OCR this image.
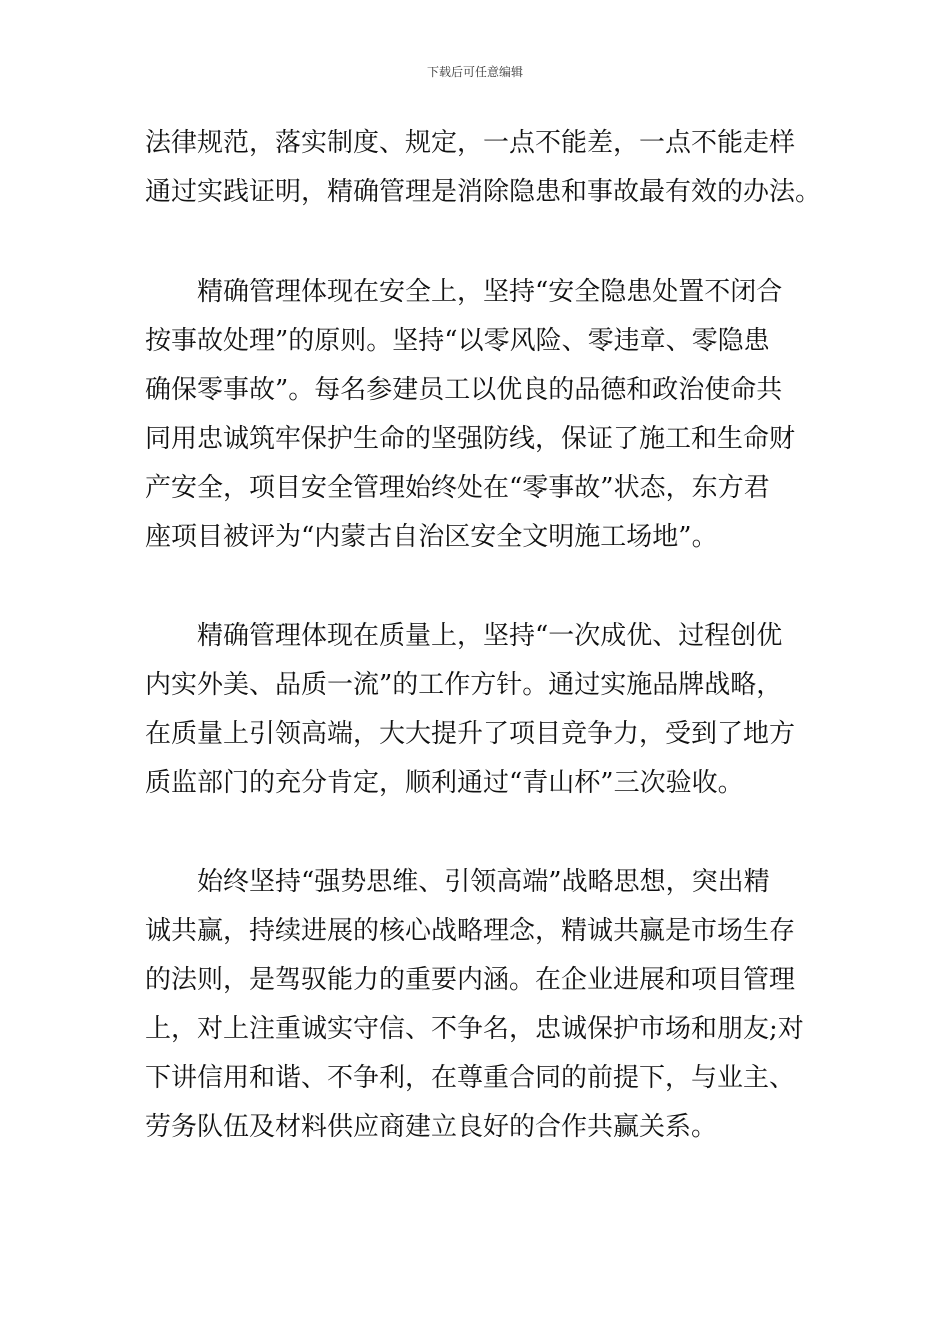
下载后可任意编辑
法律规范，落实制度、规定，一点不能差，一点不能走样
通过实践证明，精确管理是消除隐患和事故最有效的办法。
精确管理体现在安全上，坚持“安全隐患处置不闭合
按事故处理”的原则。坚持“以零风险、零违章、零隐患
确保零事故”。每名参建员工以优良的品德和政治使命共
同用忠诚筑牢保护生命的坚强防线，保证了施工和生命财
产安全，项目安全管理始终处在“零事故”状态，东方君
座项目被评为“内蒙古自治区安全文明施工场地”。
精确管理体现在质量上，坚持“一次成优、过程创优
内实外美、品质一流”的工作方针。通过实施品牌战略，
在质量上引领高端，大大提升了项目竞争力，受到了地方
质监部门的充分肯定，顺利通过“青山杯”三次验收。
始终坚持“强势思维、引领高端”战略思想，突出精
诚共赢，持续进展的核心战略理念，精诚共赢是市场生存
的法则，是驾驭能力的重要内涵。在企业进展和项目管理
上，对上注重诚实守信、不争名，忠诚保护市场和朋友;对
下讲信用和谐、不争利，在尊重合同的前提下，与业主、
劳务队伍及材料供应商建立良好的合作共赢关系。
